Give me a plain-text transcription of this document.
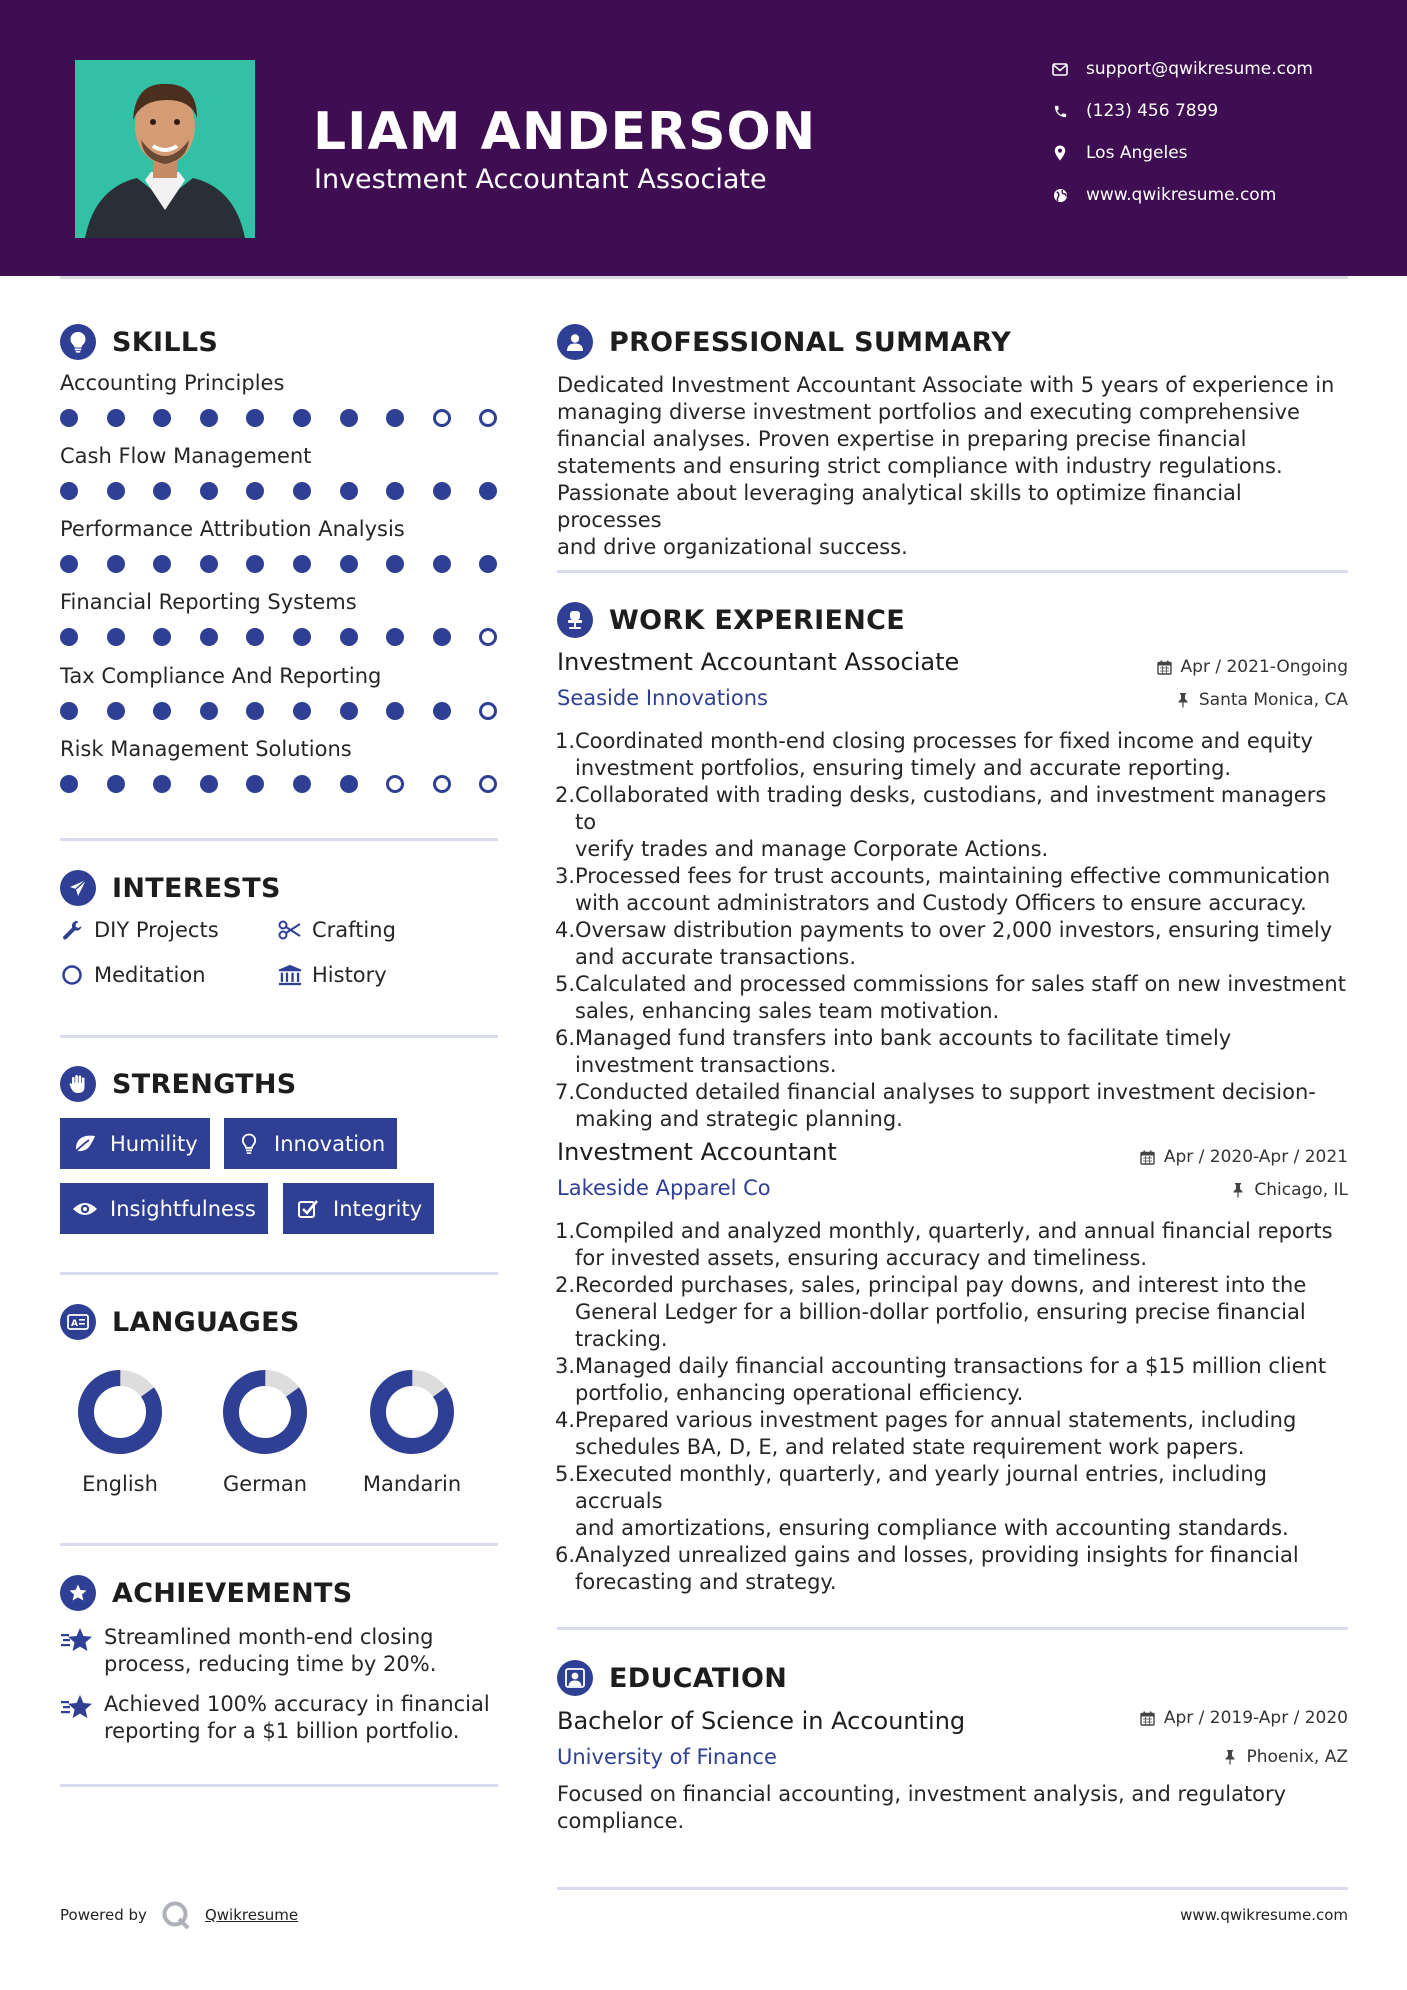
LIAM ANDERSON
Investment Accountant Associate
support@qwikresume.com
(123) 456 7899
Los Angeles
www.qwikresume.com
SKILLS
Accounting Principles
Cash Flow Management
Performance Attribution Analysis
Financial Reporting Systems
Tax Compliance And Reporting
Risk Management Solutions
INTERESTS
DIY Projects	Crafting
Meditation	History
STRENGTHS
Humility	Innovation
Insightfulness	Integrity
A LANGUAGES
English	German	Mandarin
ACHIEVEMENTS
Streamlined month-end closing
process, reducing time by 20%.
Achieved 100% accuracy in financial
reporting for a $1 billion portfolio.
PROFESSIONAL SUMMARY
Dedicated Investment Accountant Associate with 5 years of experience in
managing diverse investment portfolios and executing comprehensive
financial analyses. Proven expertise in preparing precise financial
statements and ensuring strict compliance with industry regulations.
Passionate about leveraging analytical skills to optimize financial processes
and drive organizational success.
WORK EXPERIENCE
Investment Accountant Associate	Apr / 2021-Ongoing
Seaside Innovations	Santa Monica, CA
1. Coordinated month-end closing processes for fixed income and equity
investment portfolios, ensuring timely and accurate reporting.
2. Collaborated with trading desks, custodians, and investment managers to
verify trades and manage Corporate Actions.
3. Processed fees for trust accounts, maintaining effective communication
with account administrators and Custody Officers to ensure accuracy.
4. Oversaw distribution payments to over 2,000 investors, ensuring timely
and accurate transactions.
5. Calculated and processed commissions for sales staff on new investment
sales, enhancing sales team motivation.
6. Managed fund transfers into bank accounts to facilitate timely
investment transactions.
7. Conducted detailed financial analyses to support investment decision-
making and strategic planning.
Investment Accountant	Apr / 2020-Apr / 2021
Lakeside Apparel Co	Chicago, IL
1. Compiled and analyzed monthly, quarterly, and annual financial reports
for invested assets, ensuring accuracy and timeliness.
2. Recorded purchases, sales, principal pay downs, and interest into the
General Ledger for a billion-dollar portfolio, ensuring precise financial
tracking.
3. Managed daily financial accounting transactions for a $15 million client
portfolio, enhancing operational efficiency.
4. Prepared various investment pages for annual statements, including
schedules BA, D, E, and related state requirement work papers.
5. Executed monthly, quarterly, and yearly journal entries, including accruals
and amortizations, ensuring compliance with accounting standards.
6. Analyzed unrealized gains and losses, providing insights for financial
forecasting and strategy.
EDUCATION
Bachelor of Science in Accounting	Apr / 2019-Apr / 2020
University of Finance	Phoenix, AZ
Focused on financial accounting, investment analysis, and regulatory
compliance.
Powered by	Qwikresume	www.qwikresume.com
